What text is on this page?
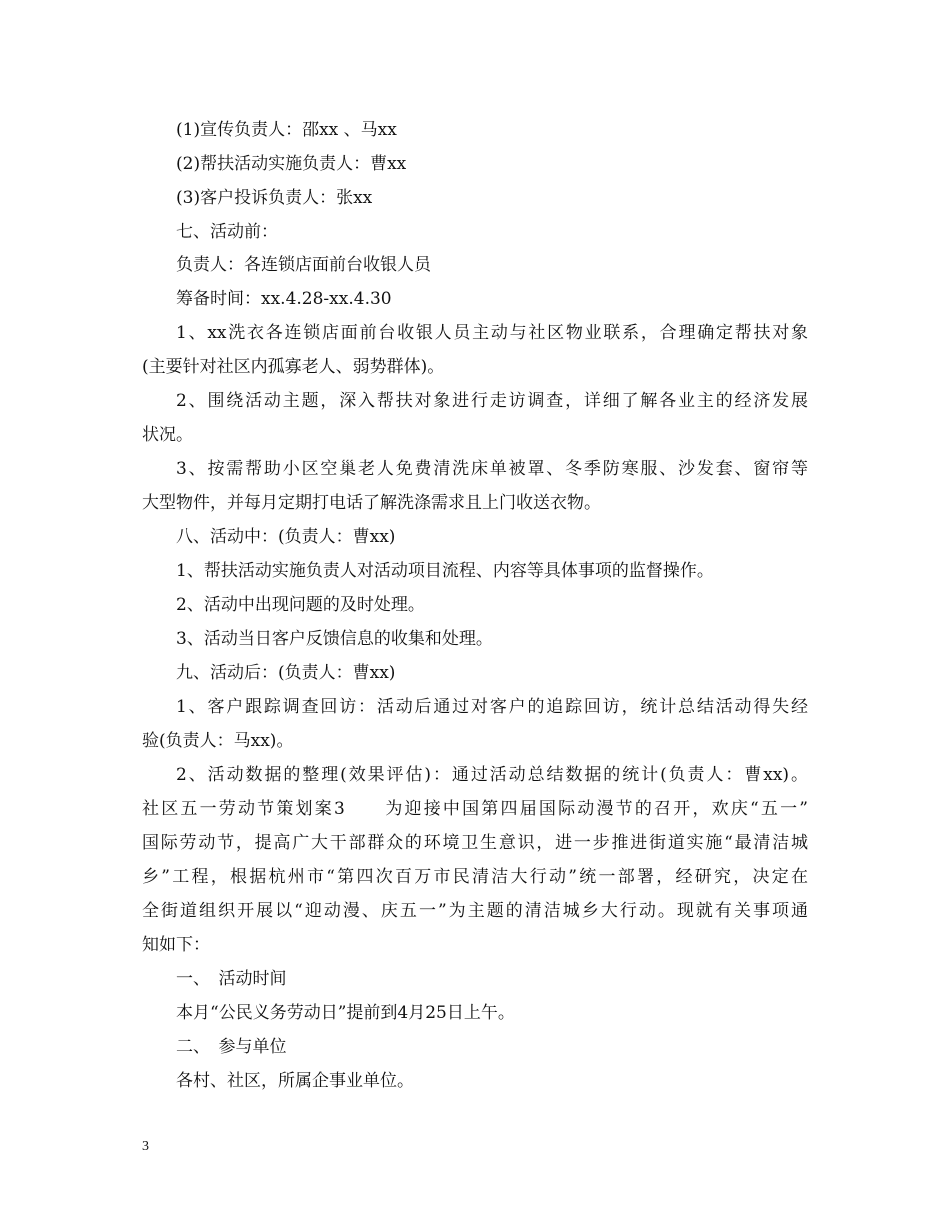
(1)宣传负责人：邵xx 、马xx

(2)帮扶活动实施负责人：曹xx

(3)客户投诉负责人：张xx

七、活动前：

负责人：各连锁店面前台收银人员

筹备时间：xx.4.28-xx.4.30

1、xx洗衣各连锁店面前台收银人员主动与社区物业联系，合理确定帮扶对象

(主要针对社区内孤寡老人、弱势群体)。

2、围绕活动主题，深入帮扶对象进行走访调查，详细了解各业主的经济发展

状况。

3、按需帮助小区空巢老人免费清洗床单被罩、冬季防寒服、沙发套、窗帘等

大型物件，并每月定期打电话了解洗涤需求且上门收送衣物。

八、活动中：(负责人：曹xx)

1、帮扶活动实施负责人对活动项目流程、内容等具体事项的监督操作。

2、活动中出现问题的及时处理。

3、活动当日客户反馈信息的收集和处理。

九、活动后：(负责人：曹xx)

1、客户跟踪调查回访：活动后通过对客户的追踪回访，统计总结活动得失经

验(负责人：马xx)。

2、活动数据的整理(效果评估)：通过活动总结数据的统计(负责人：曹xx)。

社区五一劳动节策划案3　　为迎接中国第四届国际动漫节的召开，欢庆“五一”

国际劳动节，提高广大干部群众的环境卫生意识，进一步推进街道实施“最清洁城

乡”工程，根据杭州市“第四次百万市民清洁大行动”统一部署，经研究，决定在

全街道组织开展以“迎动漫、庆五一”为主题的清洁城乡大行动。现就有关事项通

知如下：

一、　活动时间

本月“公民义务劳动日”提前到4月25日上午。

二、　参与单位

各村、社区，所属企事业单位。

3
